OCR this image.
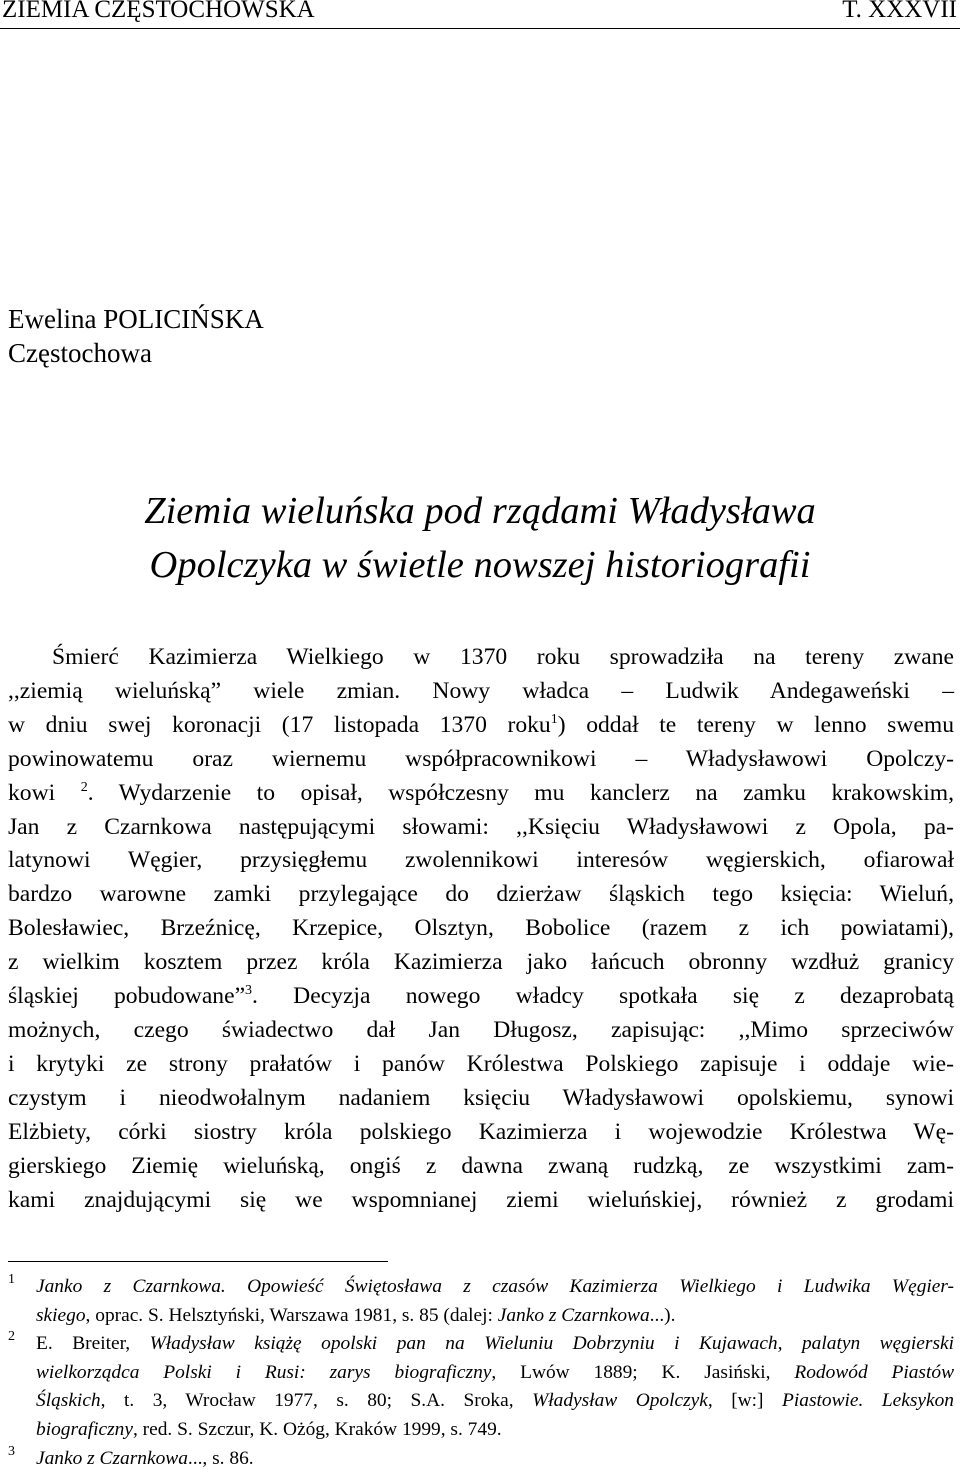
ZIEMIA CZĘSTOCHOWSKA	T. XXXVII
Ewelina POLICIŃSKA
Częstochowa
Ziemia wieluńska pod rządami Władysława
Opolczyka w świetle nowszej historiografii
Śmierć Kazimierza Wielkiego w 1370 roku sprowadziła na tereny zwane
,,ziemią wieluńską” wiele zmian. Nowy władca – Ludwik Andegaweński –
w dniu swej koronacji (17 listopada 1370 roku$^1$) oddał te tereny w lenno swemu
powinowatemu oraz wiernemu współpracownikowi – Władysławowi Opolczy-
kowi $^2$. Wydarzenie to opisał, współczesny mu kanclerz na zamku krakowskim,
Jan z Czarnkowa następującymi słowami: ,,Księciu Władysławowi z Opola, pa-
latynowi Węgier, przysięgłemu zwolennikowi interesów węgierskich, ofiarował
bardzo warowne zamki przylegające do dzierżaw śląskich tego księcia: Wieluń,
Bolesławiec, Brzeźnicę, Krzepice, Olsztyn, Bobolice (razem z ich powiatami),
z wielkim kosztem przez króla Kazimierza jako łańcuch obronny wzdłuż granicy
śląskiej pobudowane”$^3$. Decyzja nowego władcy spotkała się z dezaprobatą
możnych, czego świadectwo dał Jan Długosz, zapisując: ,,Mimo sprzeciwów
i krytyki ze strony prałatów i panów Królestwa Polskiego zapisuje i oddaje wie-
czystym i nieodwołalnym nadaniem księciu Władysławowi opolskiemu, synowi
Elżbiety, córki siostry króla polskiego Kazimierza i wojewodzie Królestwa Wę-
gierskiego Ziemię wieluńską, ongiś z dawna zwaną rudzką, ze wszystkimi zam-
kami znajdującymi się we wspomnianej ziemi wieluńskiej, również z grodami
1 Janko z Czarnkowa. Opowieść Świętosława z czasów Kazimierza Wielkiego i Ludwika Węgier-
skiego, oprac. S. Helsztyński, Warszawa 1981, s. 85 (dalej: Janko z Czarnkowa...).
2 E. Breiter, Władysław książę opolski pan na Wieluniu Dobrzyniu i Kujawach, palatyn węgierski
wielkorządca Polski i Rusi: zarys biograficzny, Lwów 1889; K. Jasiński, Rodowód Piastów
Śląskich, t. 3, Wrocław 1977, s. 80; S.A. Sroka, Władysław Opolczyk, [w:] Piastowie. Leksykon
biograficzny, red. S. Szczur, K. Ożóg, Kraków 1999, s. 749.
3 Janko z Czarnkowa..., s. 86.
